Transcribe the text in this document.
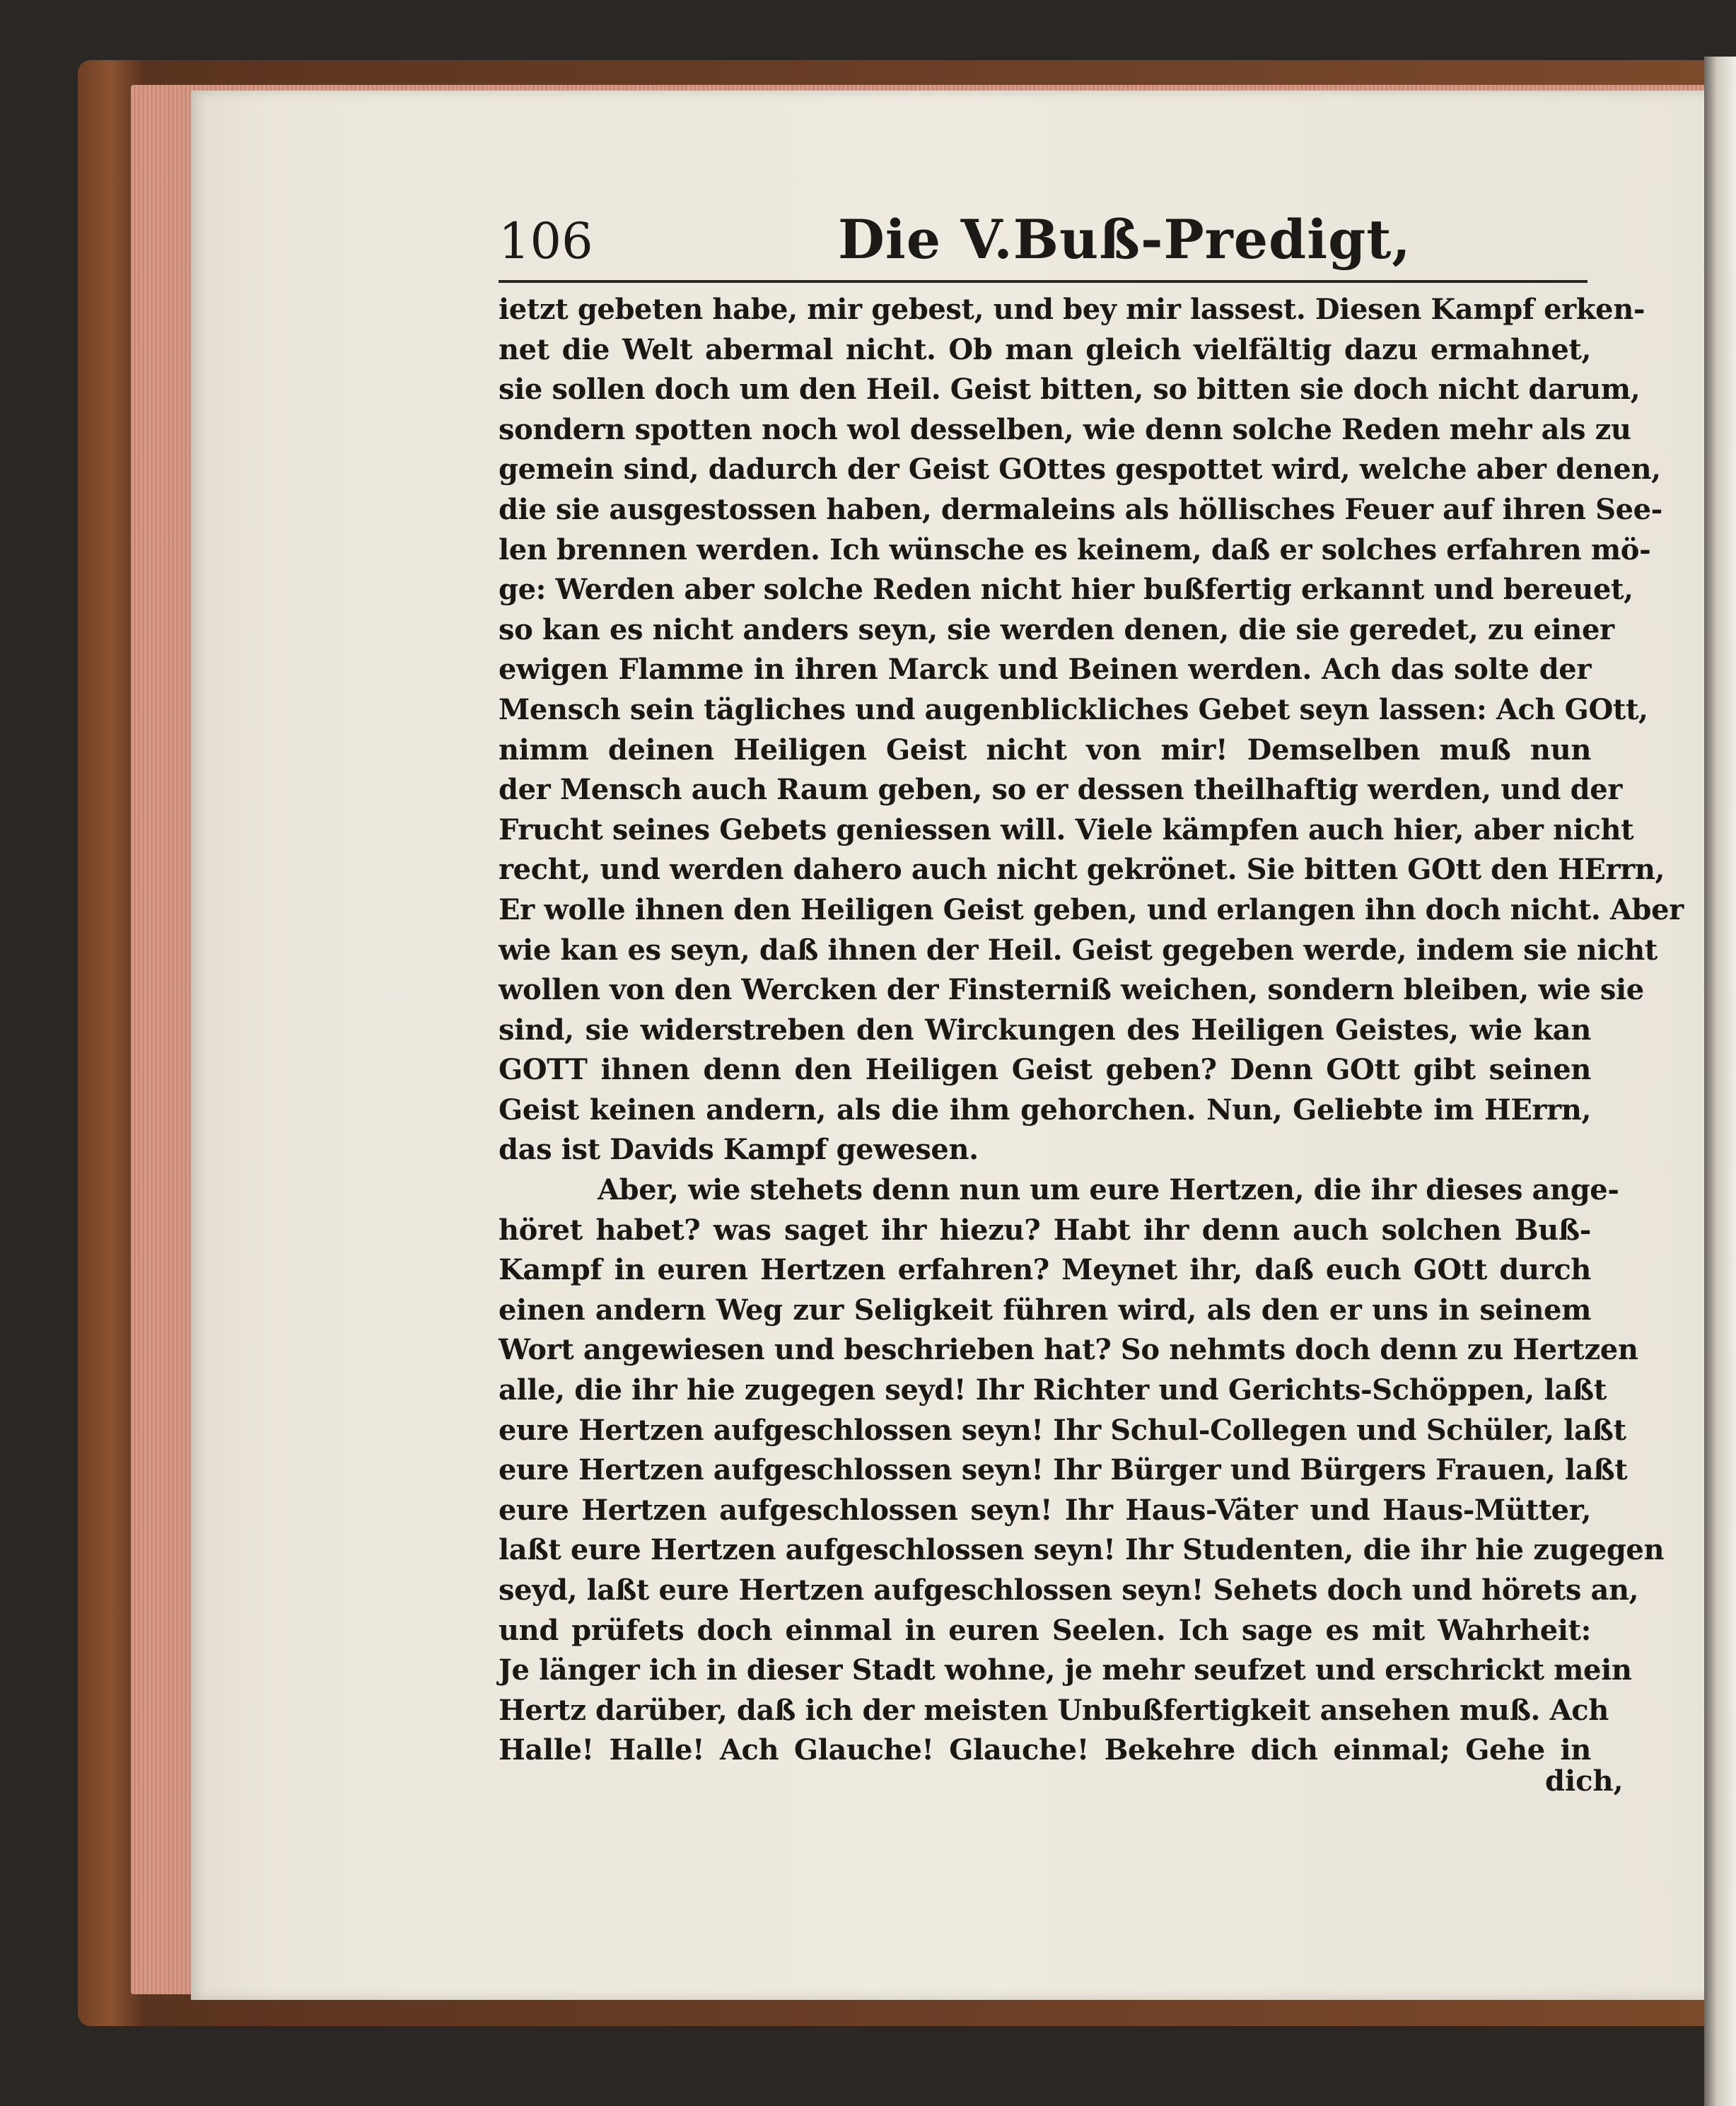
106	Die V.Buß-Predigt,
ietzt gebeten habe, mir gebest, und bey mir lassest. Diesen Kampf erken-
net die Welt abermal nicht. Ob man gleich vielfältig dazu ermahnet,
sie sollen doch um den Heil. Geist bitten, so bitten sie doch nicht darum,
sondern spotten noch wol desselben, wie denn solche Reden mehr als zu
gemein sind, dadurch der Geist GOttes gespottet wird, welche aber denen,
die sie ausgestossen haben, dermaleins als höllisches Feuer auf ihren See-
len brennen werden. Ich wünsche es keinem, daß er solches erfahren mö-
ge: Werden aber solche Reden nicht hier bußfertig erkannt und bereuet,
so kan es nicht anders seyn, sie werden denen, die sie geredet, zu einer
ewigen Flamme in ihren Marck und Beinen werden. Ach das solte der
Mensch sein tägliches und augenblickliches Gebet seyn lassen: Ach GOtt,
nimm deinen Heiligen Geist nicht von mir! Demselben muß nun
der Mensch auch Raum geben, so er dessen theilhaftig werden, und der
Frucht seines Gebets geniessen will. Viele kämpfen auch hier, aber nicht
recht, und werden dahero auch nicht gekrönet. Sie bitten GOtt den HErrn,
Er wolle ihnen den Heiligen Geist geben, und erlangen ihn doch nicht. Aber
wie kan es seyn, daß ihnen der Heil. Geist gegeben werde, indem sie nicht
wollen von den Wercken der Finsterniß weichen, sondern bleiben, wie sie
sind, sie widerstreben den Wirckungen des Heiligen Geistes, wie kan
GOTT ihnen denn den Heiligen Geist geben? Denn GOtt gibt seinen
Geist keinen andern, als die ihm gehorchen. Nun, Geliebte im HErrn,
das ist Davids Kampf gewesen.
Aber, wie stehets denn nun um eure Hertzen, die ihr dieses ange-
höret habet? was saget ihr hiezu? Habt ihr denn auch solchen Buß-
Kampf in euren Hertzen erfahren? Meynet ihr, daß euch GOtt durch
einen andern Weg zur Seligkeit führen wird, als den er uns in seinem
Wort angewiesen und beschrieben hat? So nehmts doch denn zu Hertzen
alle, die ihr hie zugegen seyd! Ihr Richter und Gerichts-Schöppen, laßt
eure Hertzen aufgeschlossen seyn! Ihr Schul-Collegen und Schüler, laßt
eure Hertzen aufgeschlossen seyn! Ihr Bürger und Bürgers Frauen, laßt
eure Hertzen aufgeschlossen seyn! Ihr Haus-Väter und Haus-Mütter,
laßt eure Hertzen aufgeschlossen seyn! Ihr Studenten, die ihr hie zugegen
seyd, laßt eure Hertzen aufgeschlossen seyn! Sehets doch und hörets an,
und prüfets doch einmal in euren Seelen. Ich sage es mit Wahrheit:
Je länger ich in dieser Stadt wohne, je mehr seufzet und erschrickt mein
Hertz darüber, daß ich der meisten Unbußfertigkeit ansehen muß. Ach
Halle! Halle! Ach Glauche! Glauche! Bekehre dich einmal; Gehe in
dich,
